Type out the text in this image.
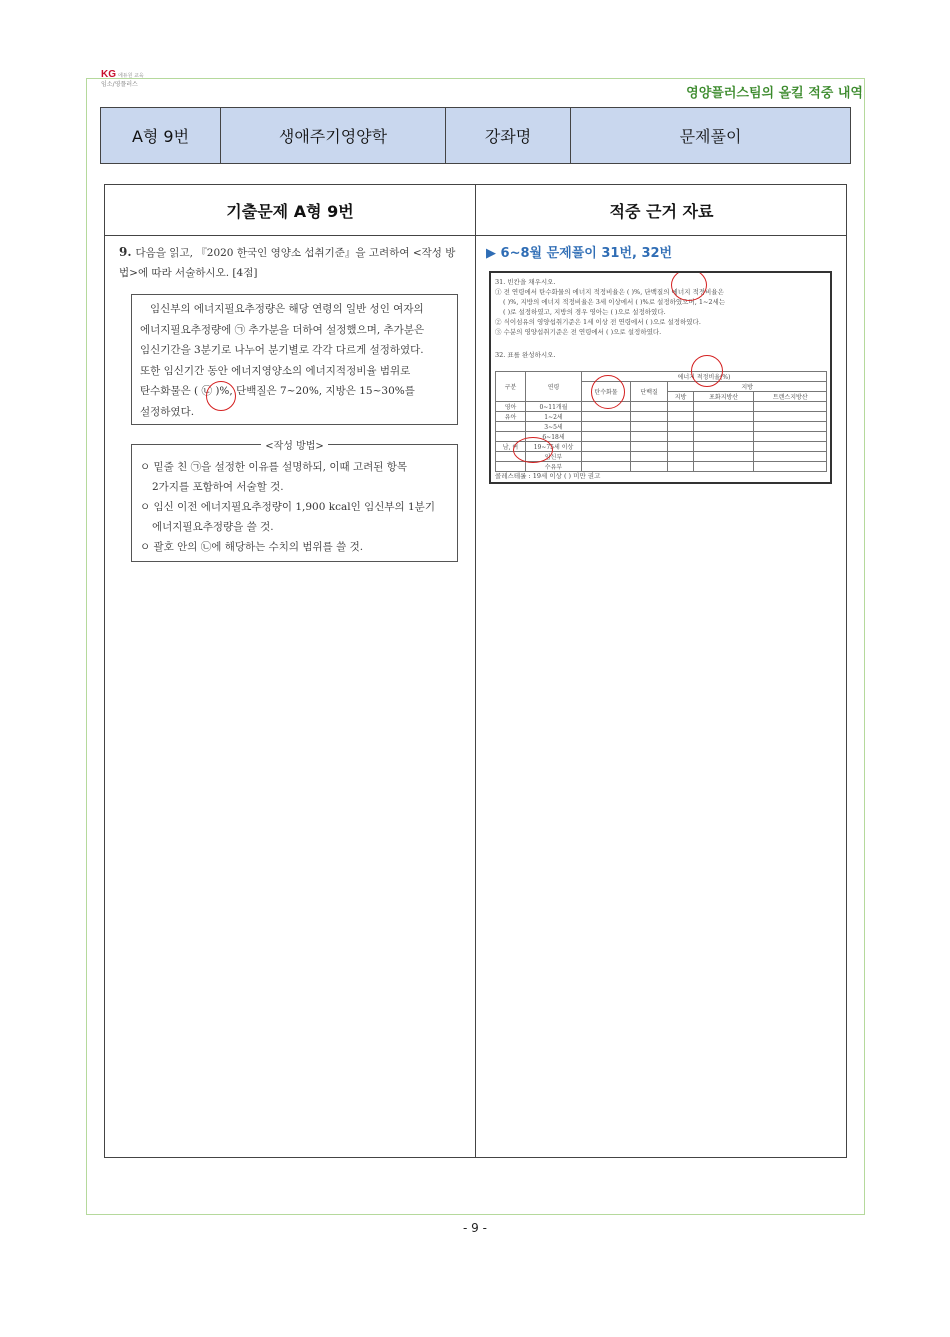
KG 에듀원 교육
임소/영플러스
영양플러스팀의 올킬 적중 내역
A형 9번	생애주기영양학	강좌명	문제풀이
기출문제 A형 9번	적중 근거 자료
9. 다음을 읽고, 『2020 한국인 영양소 섭취기준』을 고려하여 <작성 방법>에 따라 서술하시오. [4점]
임신부의 에너지필요추정량은 해당 연령의 일반 성인 여자의
에너지필요추정량에 ㉠ 추가분을 더하여 설정했으며, 추가분은
임신기간을 3분기로 나누어 분기별로 각각 다르게 설정하였다.
또한 임신기간 동안 에너지영양소의 에너지적정비율 범위로
탄수화물은 ( ㉡ )%, 단백질은 7~20%, 지방은 15~30%를
설정하였다.
<작성 방법>
ㅇ 밑줄 친 ㉠을 설정한 이유를 설명하되, 이때 고려된 항목
2가지를 포함하여 서술할 것.
ㅇ 임신 이전 에너지필요추정량이 1,900 kcal인 임신부의 1분기
에너지필요추정량을 쓸 것.
ㅇ 괄호 안의 ㉡에 해당하는 수치의 범위를 쓸 것.
▶ 6~8월 문제풀이 31번, 32번
31. 빈칸을 채우시오.
① 전 연령에서 탄수화물의 에너지 적정비율은 ( )%, 단백질의 에너지 적정비율은
( )%, 지방의 에너지 적정비율은 3세 이상에서 ( )%로 설정하였으며, 1~2세는
( )로 설정하였고, 지방의 경우 영아는 ( )으로 설정하였다.
② 식이섬유의 영양섭취기준은 1세 이상 전 연령에서 ( )으로 설정하였다.
③ 수분의 영양섭취기준은 전 연령에서 ( )으로 설정하였다.
32. 표를 완성하시오.
구분	연령	에너지 적정비율(%)				
		탄수화물	단백질	지방		
				지방	포화지방산	트랜스지방산
영아	0~11개월					
유아	1~2세					
	3~5세					
	6~18세					
남, 여	19~75세 이상					
	임신부					
	수유부					
콜레스테롤 : 19세 이상 ( ) 미만 권고
- 9 -
